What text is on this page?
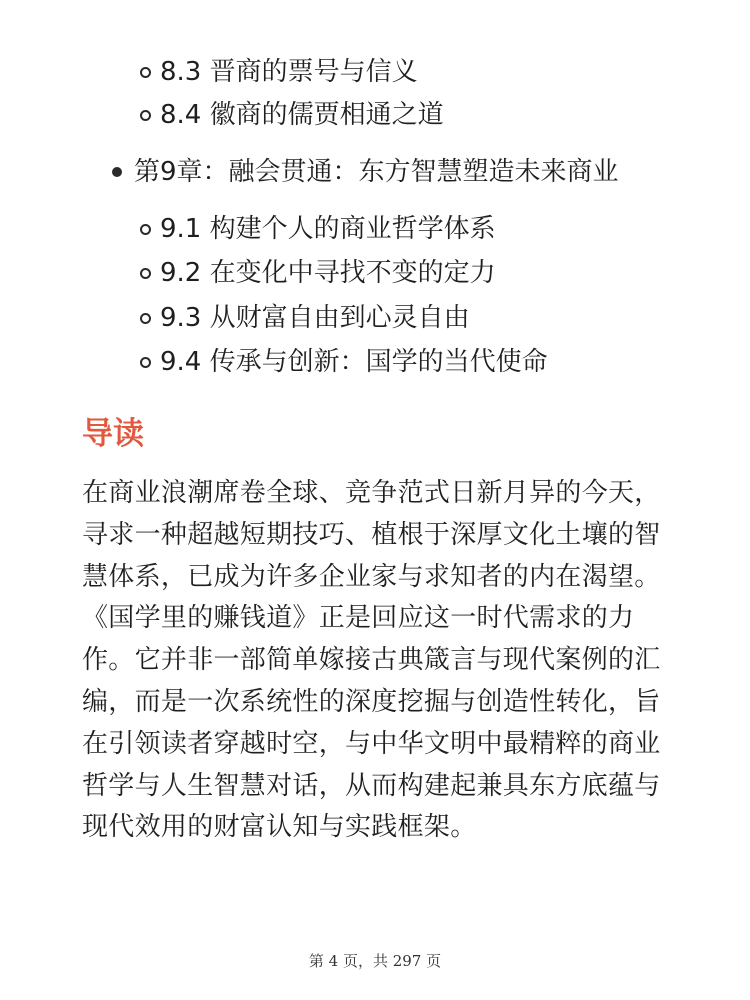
8.3 晋商的票号与信义
8.4 徽商的儒贾相通之道
第9章：融会贯通：东方智慧塑造未来商业
9.1 构建个人的商业哲学体系
9.2 在变化中寻找不变的定力
9.3 从财富自由到心灵自由
9.4 传承与创新：国学的当代使命
导读

在商业浪潮席卷全球、竞争范式日新月异的今天，寻求一种超越短期技巧、植根于深厚文化土壤的智慧体系，已成为许多企业家与求知者的内在渴望。《国学里的赚钱道》正是回应这一时代需求的力作。它并非一部简单嫁接古典箴言与现代案例的汇编，而是一次系统性的深度挖掘与创造性转化，旨在引领读者穿越时空，与中华文明中最精粹的商业哲学与人生智慧对话，从而构建起兼具东方底蕴与现代效用的财富认知与实践框架。

第 4 页，共 297 页
